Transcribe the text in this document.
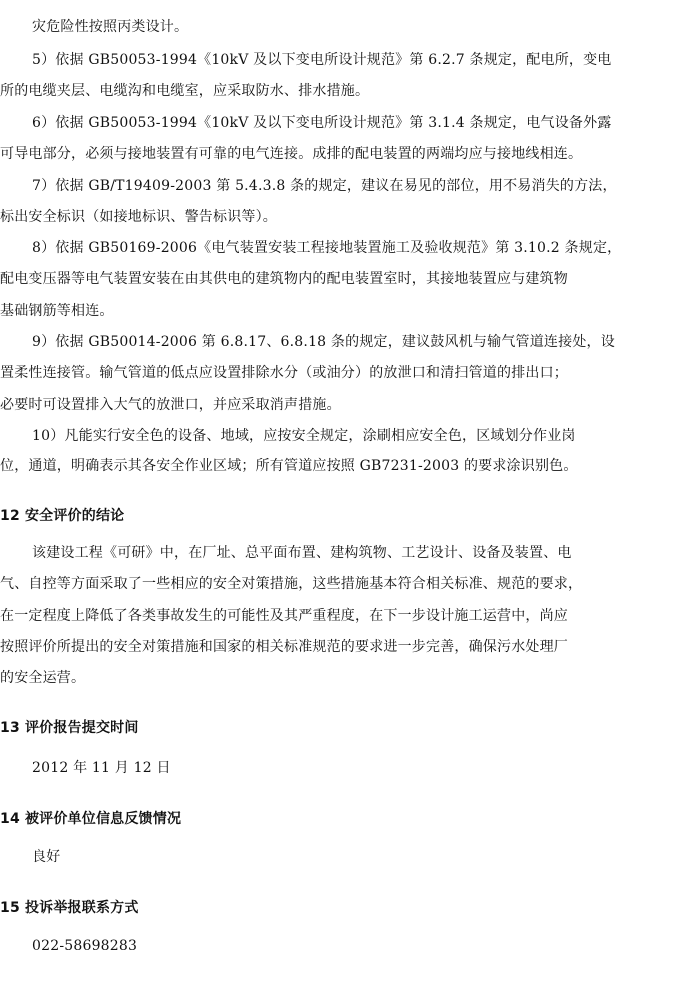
灾危险性按照丙类设计。
5）依据 GB50053-1994《10kV 及以下变电所设计规范》第 6.2.7 条规定，配电所，变电
所的电缆夹层、电缆沟和电缆室，应采取防水、排水措施。
6）依据 GB50053-1994《10kV 及以下变电所设计规范》第 3.1.4 条规定，电气设备外露
可导电部分，必须与接地装置有可靠的电气连接。成排的配电装置的两端均应与接地线相连。
7）依据 GB/T19409-2003 第 5.4.3.8 条的规定，建议在易见的部位，用不易消失的方法，
标出安全标识（如接地标识、警告标识等）。
8）依据 GB50169-2006《电气装置安装工程接地装置施工及验收规范》第 3.10.2 条规定，
配电变压器等电气装置安装在由其供电的建筑物内的配电装置室时，其接地装置应与建筑物
基础钢筋等相连。
9）依据 GB50014-2006 第 6.8.17、6.8.18 条的规定，建议鼓风机与输气管道连接处，设
置柔性连接管。输气管道的低点应设置排除水分（或油分）的放泄口和清扫管道的排出口；
必要时可设置排入大气的放泄口，并应采取消声措施。
10）凡能实行安全色的设备、地域，应按安全规定，涂刷相应安全色，区域划分作业岗
位，通道，明确表示其各安全作业区域；所有管道应按照 GB7231-2003 的要求涂识别色。
12 安全评价的结论
该建设工程《可研》中，在厂址、总平面布置、建构筑物、工艺设计、设备及装置、电
气、自控等方面采取了一些相应的安全对策措施，这些措施基本符合相关标准、规范的要求，
在一定程度上降低了各类事故发生的可能性及其严重程度，在下一步设计施工运营中，尚应
按照评价所提出的安全对策措施和国家的相关标准规范的要求进一步完善，确保污水处理厂
的安全运营。
13 评价报告提交时间
2012 年 11 月 12 日
14 被评价单位信息反馈情况
良好
15 投诉举报联系方式
022-58698283
